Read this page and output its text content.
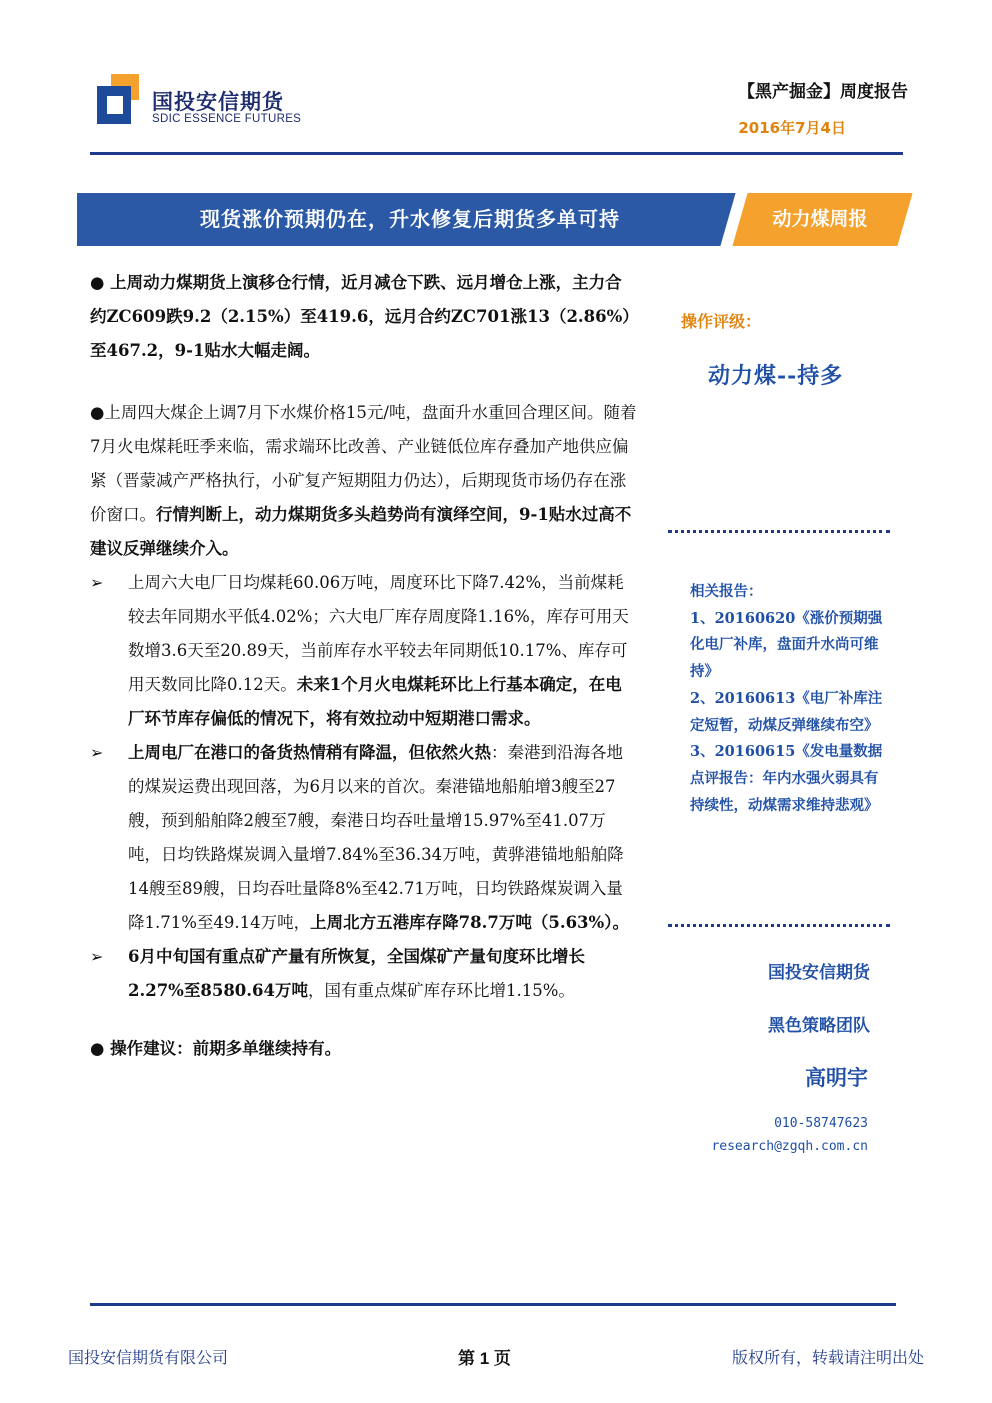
国投安信期货
SDIC ESSENCE FUTURES
【黑产掘金】周度报告
2016年7月4日
现货涨价预期仍在，升水修复后期货多单可持	动力煤周报

● 上周动力煤期货上演移仓行情，近月减仓下跌、远月增仓上涨，主力合约ZC609跌9.2（2.15%）至419.6，远月合约ZC701涨13（2.86%）至467.2，9-1贴水大幅走阔。

●上周四大煤企上调7月下水煤价格15元/吨，盘面升水重回合理区间。随着7月火电煤耗旺季来临，需求端环比改善、产业链低位库存叠加产地供应偏紧（晋蒙减产严格执行，小矿复产短期阻力仍达），后期现货市场仍存在涨价窗口。行情判断上，动力煤期货多头趋势尚有演绎空间，9-1贴水过高不建议反弹继续介入。

➢ 上周六大电厂日均煤耗60.06万吨，周度环比下降7.42%，当前煤耗较去年同期水平低4.02%；六大电厂库存周度降1.16%，库存可用天数增3.6天至20.89天，当前库存水平较去年同期低10.17%、库存可用天数同比降0.12天。未来1个月火电煤耗环比上行基本确定，在电厂环节库存偏低的情况下，将有效拉动中短期港口需求。

➢ 上周电厂在港口的备货热情稍有降温，但依然火热：秦港到沿海各地的煤炭运费出现回落，为6月以来的首次。秦港锚地船舶增3艘至27艘，预到船舶降2艘至7艘，秦港日均吞吐量增15.97%至41.07万吨，日均铁路煤炭调入量增7.84%至36.34万吨，黄骅港锚地船舶降14艘至89艘，日均吞吐量降8%至42.71万吨，日均铁路煤炭调入量降1.71%至49.14万吨，上周北方五港库存降78.7万吨（5.63%）。

➢ 6月中旬国有重点矿产量有所恢复，全国煤矿产量旬度环比增长2.27%至8580.64万吨，国有重点煤矿库存环比增1.15%。

● 操作建议：前期多单继续持有。

操作评级：
动力煤--持多

相关报告：

1、20160620《涨价预期强化电厂补库，盘面升水尚可维持》

2、20160613《电厂补库注定短暂，动煤反弹继续布空》

3、20160615《发电量数据点评报告：年内水强火弱具有持续性，动煤需求维持悲观》

国投安信期货
黑色策略团队
高明宇
010-58747623
research@zgqh.com.cn
国投安信期货有限公司	第 1 页	版权所有，转载请注明出处
